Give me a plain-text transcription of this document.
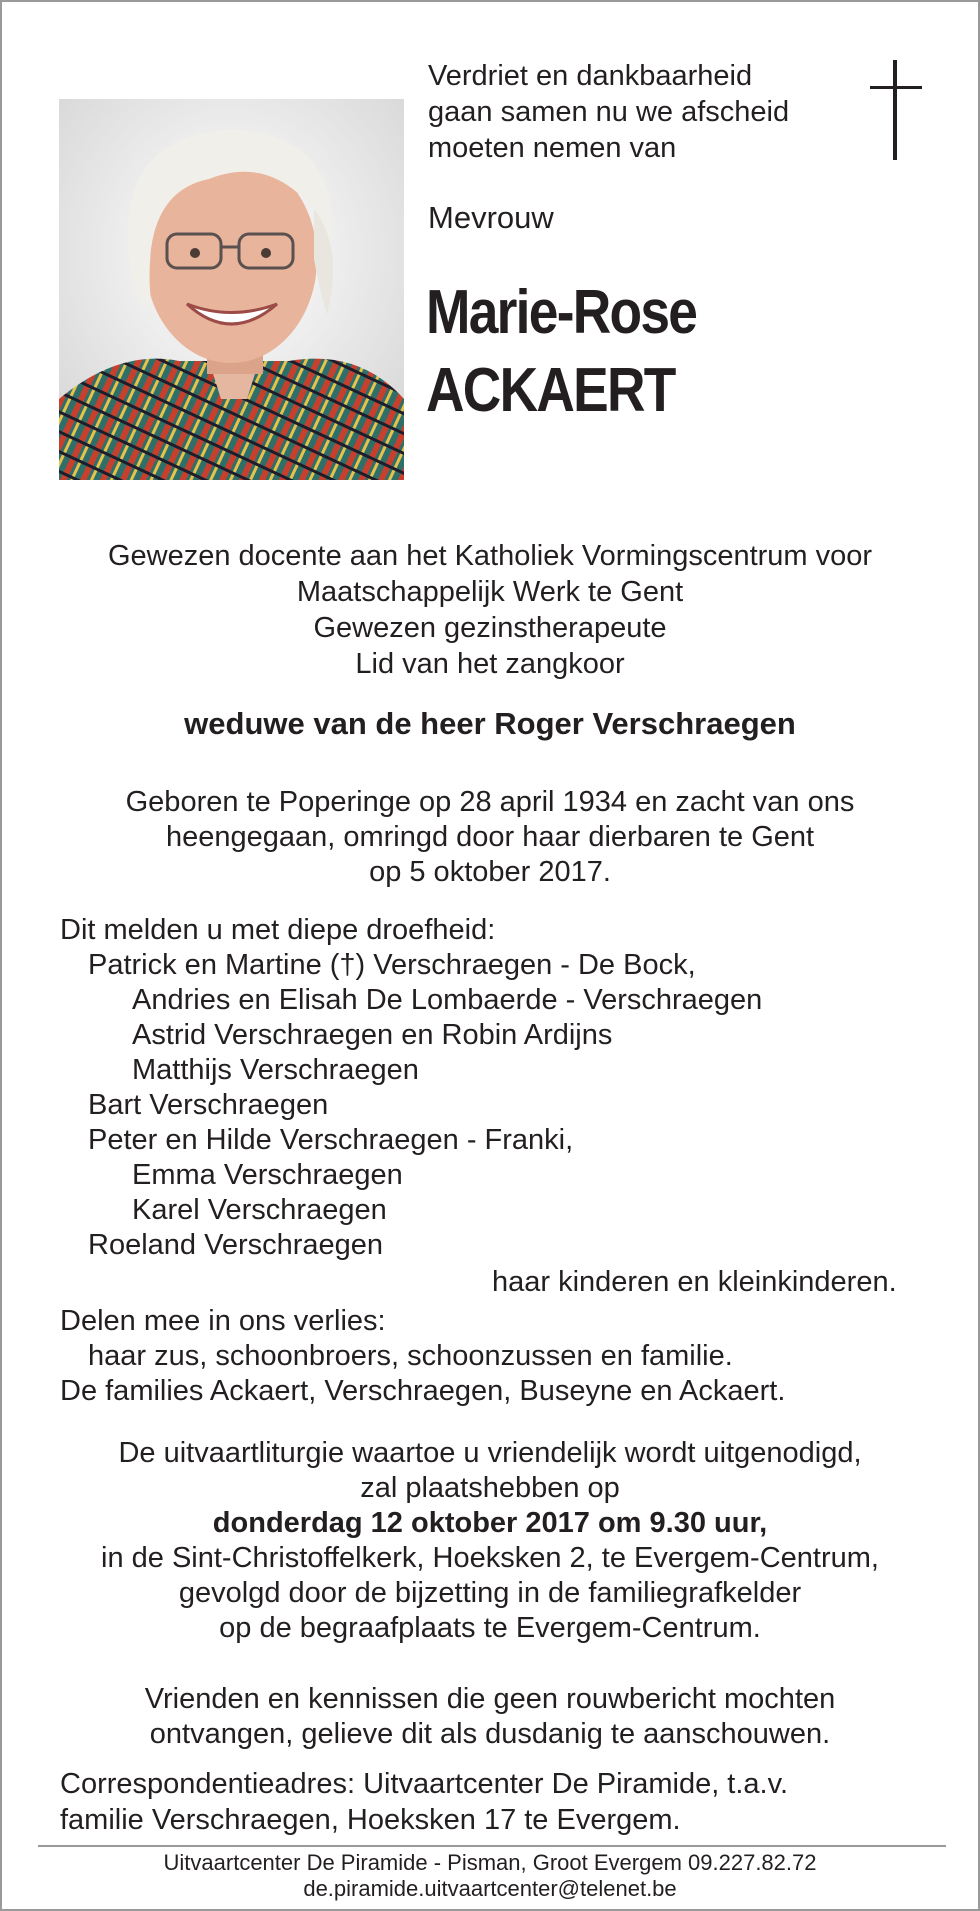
Verdriet en dankbaarheid
gaan samen nu we afscheid
moeten nemen van
Mevrouw
Marie-Rose
ACKAERT
Gewezen docente aan het Katholiek Vormingscentrum voor
Maatschappelijk Werk te Gent
Gewezen gezinstherapeute
Lid van het zangkoor
weduwe van de heer Roger Verschraegen
Geboren te Poperinge op 28 april 1934 en zacht van ons
heengegaan, omringd door haar dierbaren te Gent
op 5 oktober 2017.
Dit melden u met diepe droefheid:
Patrick en Martine (†) Verschraegen - De Bock,
Andries en Elisah De Lombaerde - Verschraegen
Astrid Verschraegen en Robin Ardijns
Matthijs Verschraegen
Bart Verschraegen
Peter en Hilde Verschraegen - Franki,
Emma Verschraegen
Karel Verschraegen
Roeland Verschraegen
haar kinderen en kleinkinderen.
Delen mee in ons verlies:
haar zus, schoonbroers, schoonzussen en familie.
De families Ackaert, Verschraegen, Buseyne en Ackaert.
De uitvaartliturgie waartoe u vriendelijk wordt uitgenodigd,
zal plaatshebben op
donderdag 12 oktober 2017 om 9.30 uur,
in de Sint-Christoffelkerk, Hoeksken 2, te Evergem-Centrum,
gevolgd door de bijzetting in de familiegrafkelder
op de begraafplaats te Evergem-Centrum.
Vrienden en kennissen die geen rouwbericht mochten
ontvangen, gelieve dit als dusdanig te aanschouwen.
Correspondentieadres: Uitvaartcenter De Piramide, t.a.v.
familie Verschraegen, Hoeksken 17 te Evergem.
Uitvaartcenter De Piramide - Pisman, Groot Evergem 09.227.82.72
de.piramide.uitvaartcenter@telenet.be
